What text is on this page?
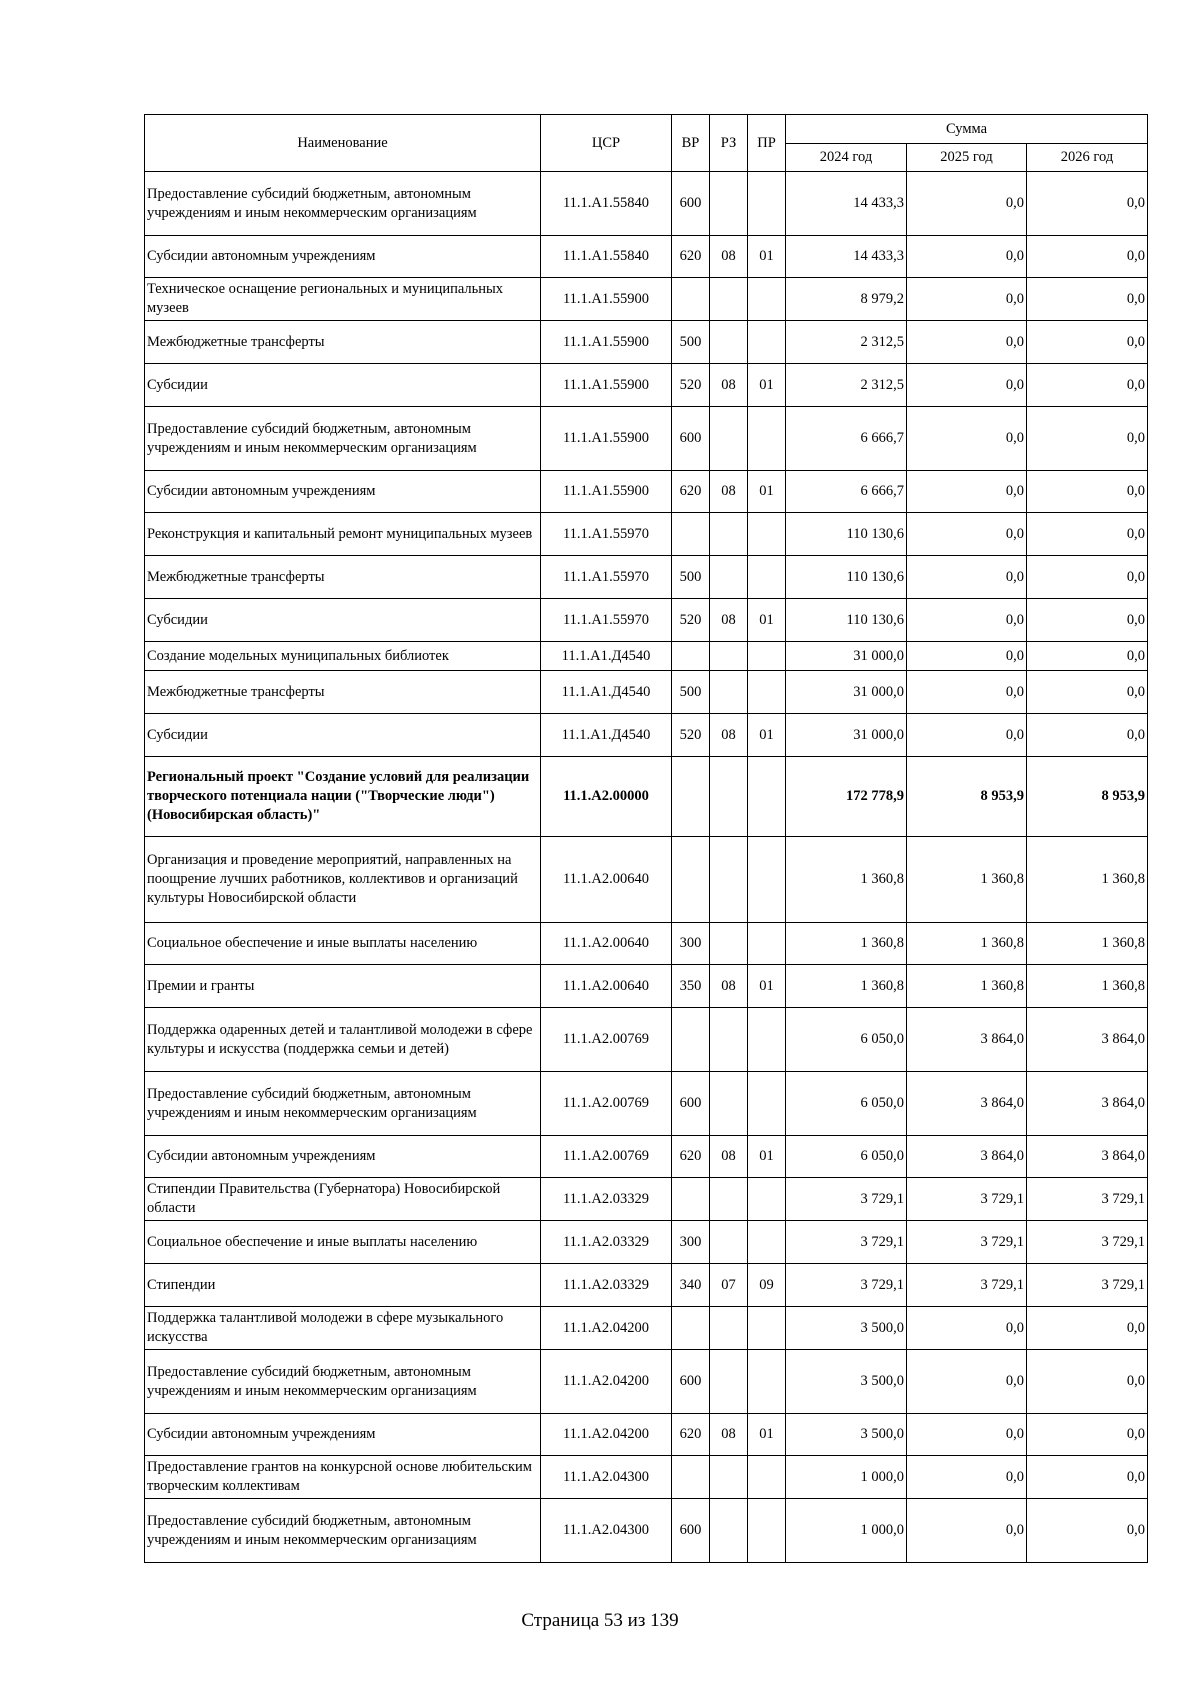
Наименование	ЦСР	ВР	РЗ	ПР	Сумма		
					2024 год	2025 год	2026 год
Предоставление субсидий бюджетным, автономным учреждениям и иным некоммерческим организациям	11.1.А1.55840	600			14 433,3	0,0	0,0
Субсидии автономным учреждениям	11.1.А1.55840	620	08	01	14 433,3	0,0	0,0
Техническое оснащение региональных и муниципальных музеев	11.1.А1.55900				8 979,2	0,0	0,0
Межбюджетные трансферты	11.1.А1.55900	500			2 312,5	0,0	0,0
Субсидии	11.1.А1.55900	520	08	01	2 312,5	0,0	0,0
Предоставление субсидий бюджетным, автономным учреждениям и иным некоммерческим организациям	11.1.А1.55900	600			6 666,7	0,0	0,0
Субсидии автономным учреждениям	11.1.А1.55900	620	08	01	6 666,7	0,0	0,0
Реконструкция и капитальный ремонт муниципальных музеев	11.1.А1.55970				110 130,6	0,0	0,0
Межбюджетные трансферты	11.1.А1.55970	500			110 130,6	0,0	0,0
Субсидии	11.1.А1.55970	520	08	01	110 130,6	0,0	0,0
Создание модельных муниципальных библиотек	11.1.А1.Д4540				31 000,0	0,0	0,0
Межбюджетные трансферты	11.1.А1.Д4540	500			31 000,0	0,0	0,0
Субсидии	11.1.А1.Д4540	520	08	01	31 000,0	0,0	0,0
Региональный проект "Создание условий для реализации творческого потенциала нации ("Творческие люди") (Новосибирская область)"	11.1.А2.00000				172 778,9	8 953,9	8 953,9
Организация и проведение мероприятий, направленных на поощрение лучших работников, коллективов и организаций культуры Новосибирской области	11.1.А2.00640				1 360,8	1 360,8	1 360,8
Социальное обеспечение и иные выплаты населению	11.1.А2.00640	300			1 360,8	1 360,8	1 360,8
Премии и гранты	11.1.А2.00640	350	08	01	1 360,8	1 360,8	1 360,8
Поддержка одаренных детей и талантливой молодежи в сфере культуры и искусства (поддержка семьи и детей)	11.1.А2.00769				6 050,0	3 864,0	3 864,0
Предоставление субсидий бюджетным, автономным учреждениям и иным некоммерческим организациям	11.1.А2.00769	600			6 050,0	3 864,0	3 864,0
Субсидии автономным учреждениям	11.1.А2.00769	620	08	01	6 050,0	3 864,0	3 864,0
Стипендии Правительства (Губернатора) Новосибирской области	11.1.А2.03329				3 729,1	3 729,1	3 729,1
Социальное обеспечение и иные выплаты населению	11.1.А2.03329	300			3 729,1	3 729,1	3 729,1
Стипендии	11.1.А2.03329	340	07	09	3 729,1	3 729,1	3 729,1
Поддержка талантливой молодежи в сфере музыкального искусства	11.1.А2.04200				3 500,0	0,0	0,0
Предоставление субсидий бюджетным, автономным учреждениям и иным некоммерческим организациям	11.1.А2.04200	600			3 500,0	0,0	0,0
Субсидии автономным учреждениям	11.1.А2.04200	620	08	01	3 500,0	0,0	0,0
Предоставление грантов на конкурсной основе любительским творческим коллективам	11.1.А2.04300				1 000,0	0,0	0,0
Предоставление субсидий бюджетным, автономным учреждениям и иным некоммерческим организациям	11.1.А2.04300	600			1 000,0	0,0	0,0
Страница 53 из 139
